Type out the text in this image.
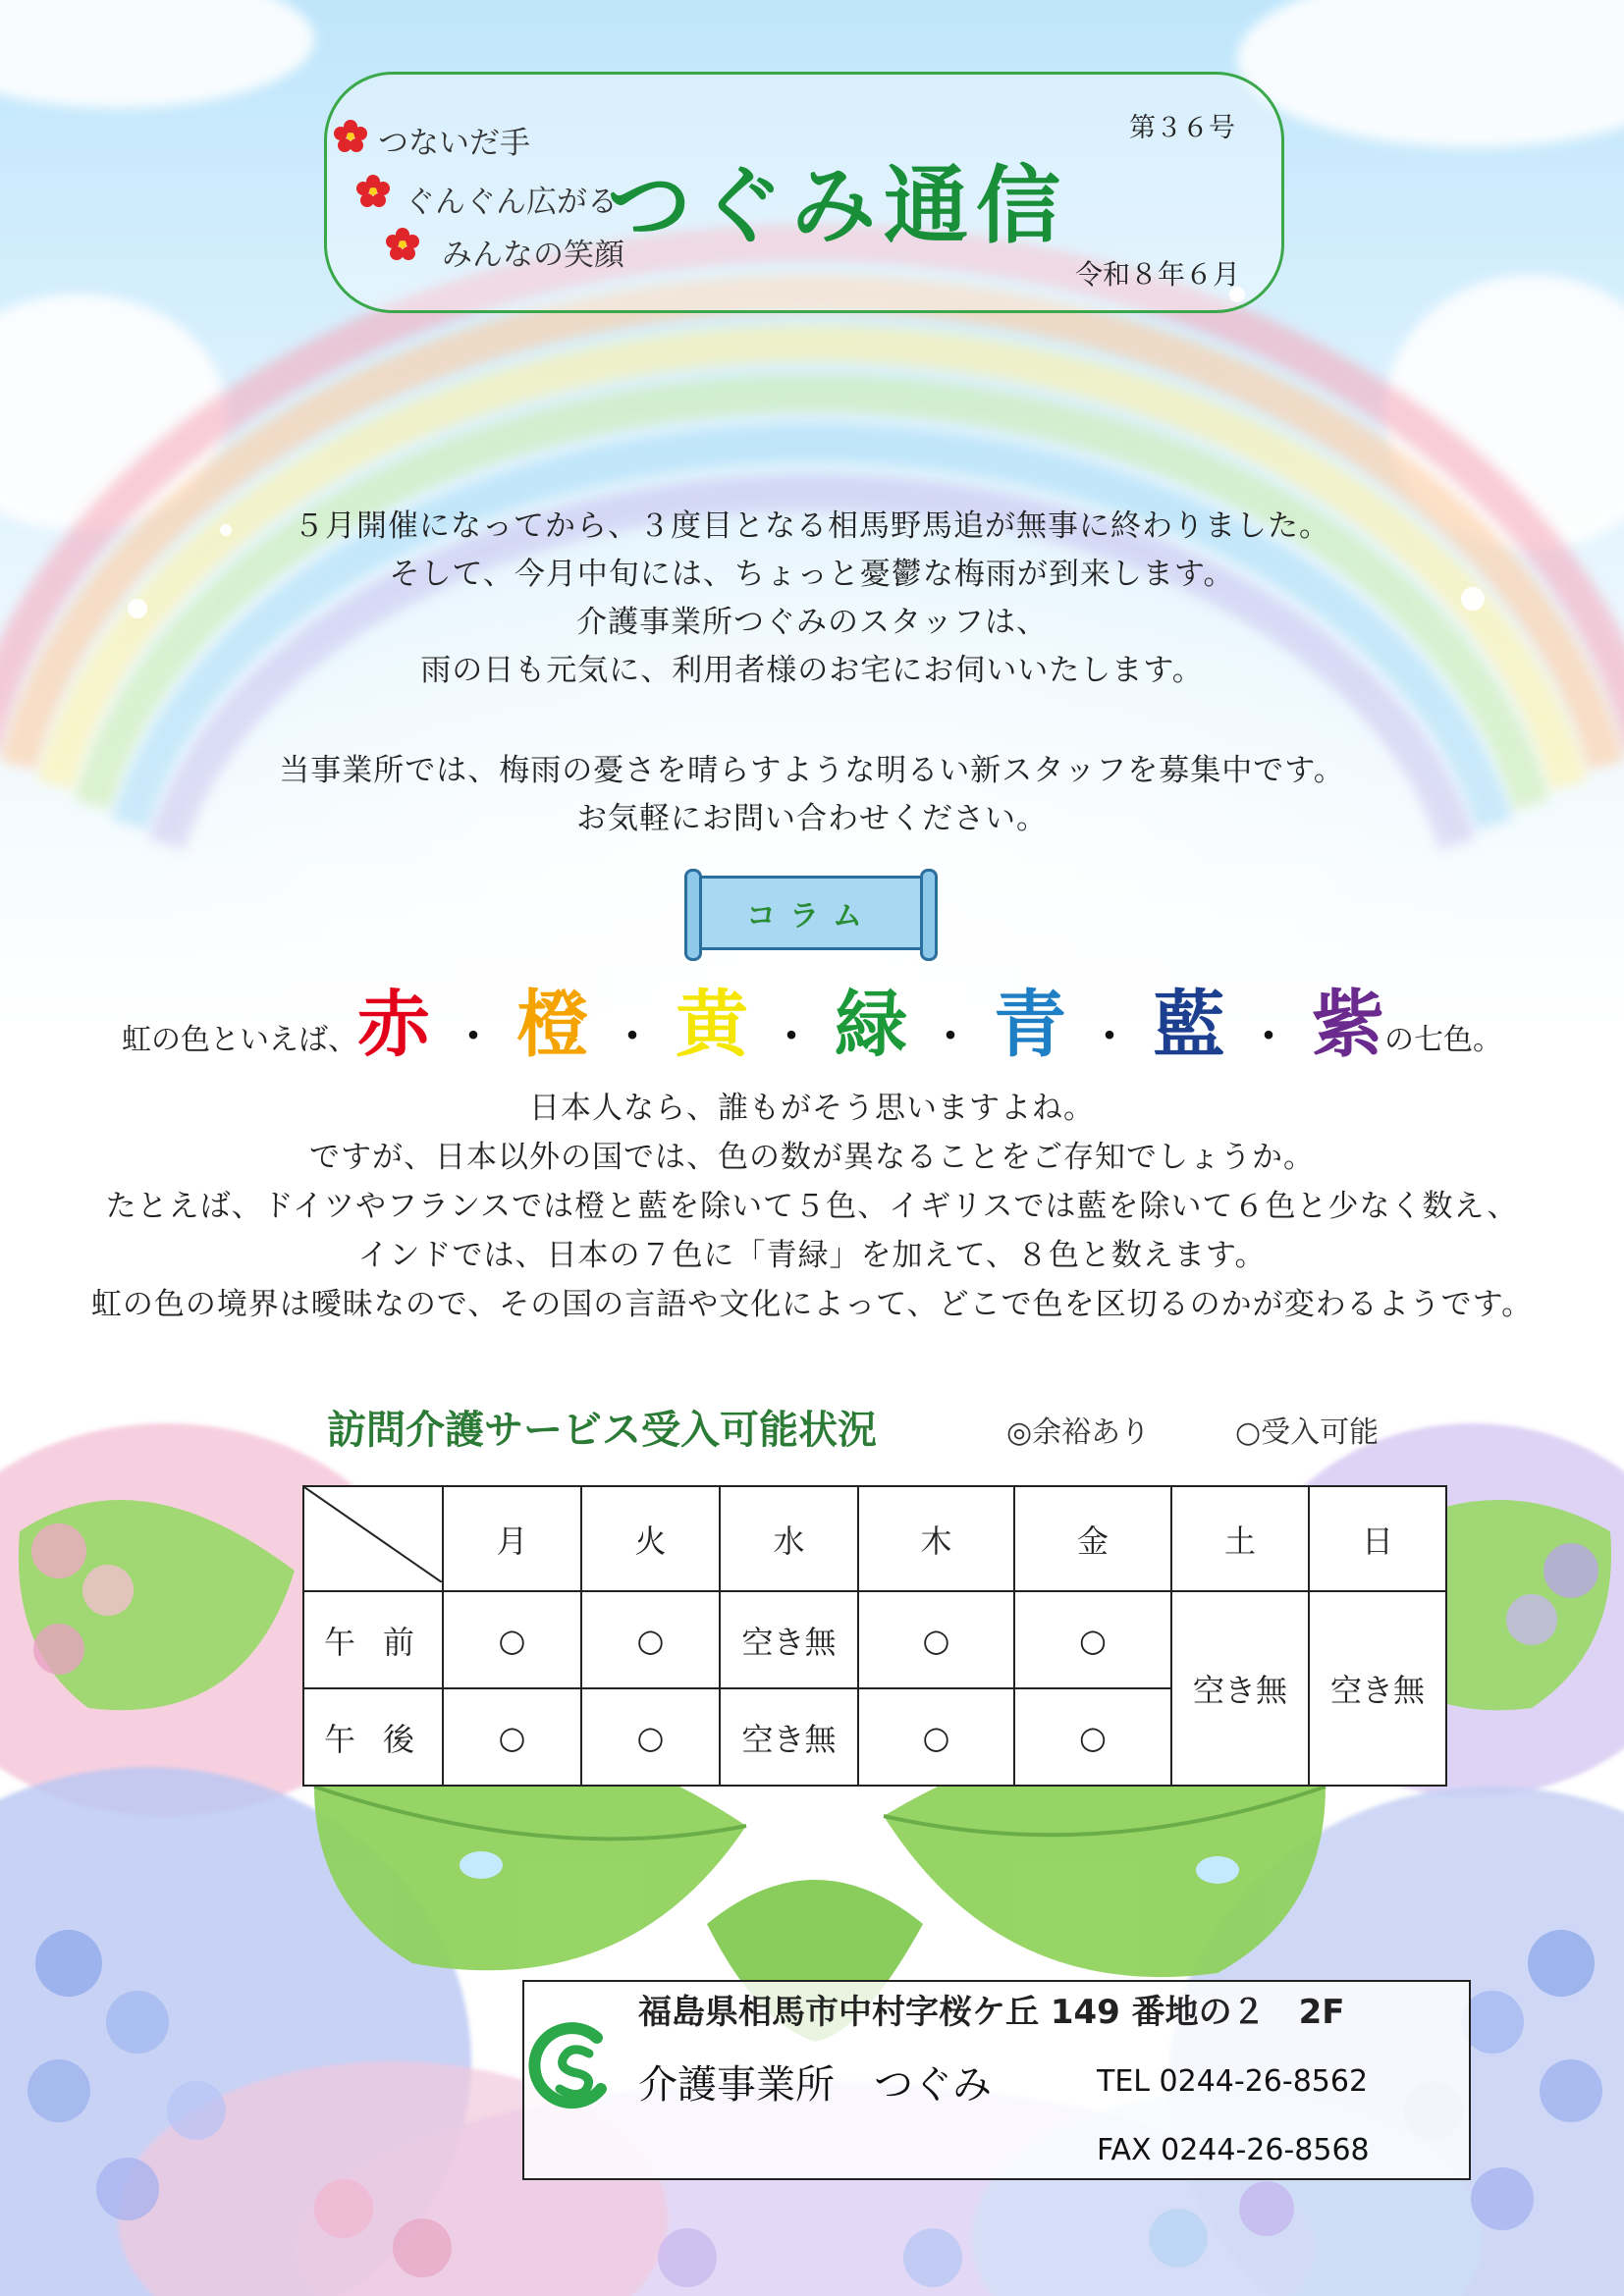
つないだ手
ぐんぐん広がる
みんなの笑顔
つぐみ通信
第３６号
令和８年６月
５月開催になってから、３度目となる相馬野馬追が無事に終わりました。
そして、今月中旬には、ちょっと憂鬱な梅雨が到来します。
介護事業所つぐみのスタッフは、
雨の日も元気に、利用者様のお宅にお伺いいたします。
当事業所では、梅雨の憂さを晴らすような明るい新スタッフを募集中です。
お気軽にお問い合わせください。
コラム
虹の色といえば、赤 ・ 橙 ・ 黄 ・ 緑 ・ 青 ・ 藍 ・ 紫の七色。
日本人なら、誰もがそう思いますよね。
ですが、日本以外の国では、色の数が異なることをご存知でしょうか。
たとえば、ドイツやフランスでは橙と藍を除いて５色、イギリスでは藍を除いて６色と少なく数え、
インドでは、日本の７色に「青緑」を加えて、８色と数えます。
虹の色の境界は曖昧なので、その国の言語や文化によって、どこで色を区切るのかが変わるようです。
訪問介護サービス受入可能状況	◎余裕あり	○受入可能
	月	火	水	木	金	土	日
午前	○	○	空き無	○	○	空き無	空き無
午後	○	○	空き無	○	○		
福島県相馬市中村字桜ケ丘 149 番地の２　2F
介護事業所　つぐみ	TEL 0244-26-8562
FAX 0244-26-8568
